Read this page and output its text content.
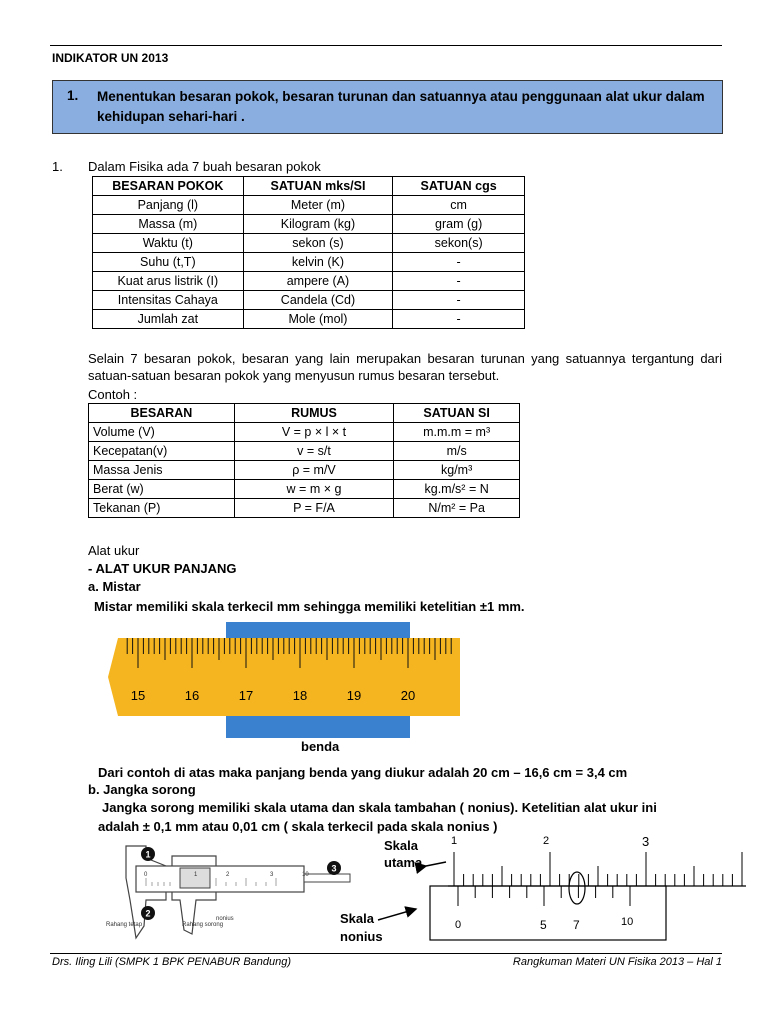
INDIKATOR UN 2013
1. Menentukan besaran pokok, besaran turunan dan satuannya atau penggunaan alat ukur dalam kehidupan sehari-hari .
1. Dalam Fisika ada 7 buah besaran pokok
BESARAN POKOK	SATUAN mks/SI	SATUAN cgs
Panjang (l)	Meter (m)	cm
Massa (m)	Kilogram (kg)	gram (g)
Waktu (t)	sekon (s)	sekon(s)
Suhu (t,T)	kelvin (K)	-
Kuat arus listrik (I)	ampere (A)	-
Intensitas Cahaya	Candela (Cd)	-
Jumlah zat	Mole (mol)	-
Selain 7 besaran pokok, besaran yang lain merupakan besaran turunan yang satuannya tergantung dari satuan-satuan besaran pokok yang menyusun rumus besaran tersebut.
Contoh :
BESARAN	RUMUS	SATUAN SI
Volume (V)	V = p × l × t	m.m.m = m³
Kecepatan(v)	v = s/t	m/s
Massa Jenis	ρ = m/V	kg/m³
Berat (w)	w = m × g	kg.m/s² = N
Tekanan (P)	P = F/A	N/m² = Pa
Alat ukur
- ALAT UKUR PANJANG
a. Mistar
Mistar memiliki skala terkecil mm sehingga memiliki ketelitian ±1 mm.
15	16	17	18	19	20
benda
Dari contoh di atas maka panjang benda yang diukur adalah 20 cm – 16,6 cm = 3,4 cm
b. Jangka sorong
Jangka sorong memiliki skala utama dan skala tambahan ( nonius). Ketelitian alat ukur ini
adalah ± 0,1 mm atau 0,01 cm ( skala terkecil pada skala nonius )
1
2
3
0	1	2	3	10
nonius
Rahang tetap	Rahang sorong
Skala
utama
Skala
nonius
1	2	3
0	5 7	10
Drs. Iling Lili (SMPK 1 BPK PENABUR Bandung)	Rangkuman Materi UN Fisika 2013 – Hal 1
